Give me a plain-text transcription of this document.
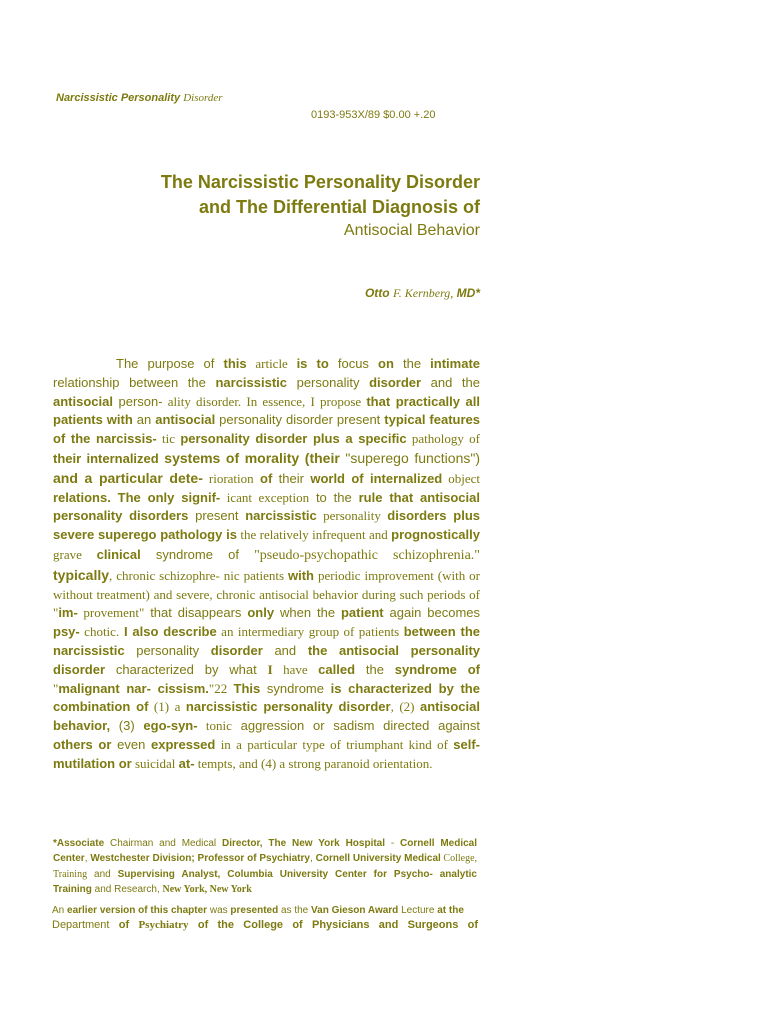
Narcissistic Personality Disorder
0193-953X/89 $0.00 +.20
The Narcissistic Personality Disorder
and The Differential Diagnosis of
Antisocial Behavior
Otto F. Kernberg, MD*

The purpose of this article is to focus on the intimate relationship between the narcissistic personality disorder and the antisocial person- ality disorder. In essence, I propose that practically all patients with an antisocial personality disorder present typical features of the narcissis- tic personality disorder plus a specific pathology of their internalized systems of morality (their "superego functions") and a particular dete- rioration of their world of internalized object relations. The only signif- icant exception to the rule that antisocial personality disorders present narcissistic personality disorders plus severe superego pathology is the relatively infrequent and prognostically grave clinical syndrome of "pseudo-psychopathic schizophrenia." typically, chronic schizophre- nic patients with periodic improvement (with or without treatment) and severe, chronic antisocial behavior during such periods of "im- provement" that disappears only when the patient again becomes psy- chotic. I also describe an intermediary group of patients between the narcissistic personality disorder and the antisocial personality disorder characterized by what I have called the syndrome of "malignant nar- cissism."22 This syndrome is characterized by the combination of (1) a narcissistic personality disorder, (2) antisocial behavior, (3) ego-syn- tonic aggression or sadism directed against others or even expressed in a particular type of triumphant kind of self-mutilation or suicidal at- tempts, and (4) a strong paranoid orientation.

*Associate Chairman and Medical Director, The New York Hospital - Cornell Medical Center, Westchester Division; Professor of Psychiatry, Cornell University Medical College, Training and Supervising Analyst, Columbia University Center for Psycho- analytic Training and Research, New York, New York
An earlier version of this chapter was presented as the Van Gieson Award Lecture at the
Department of Psychiatry of the College of Physicians and Surgeons of
